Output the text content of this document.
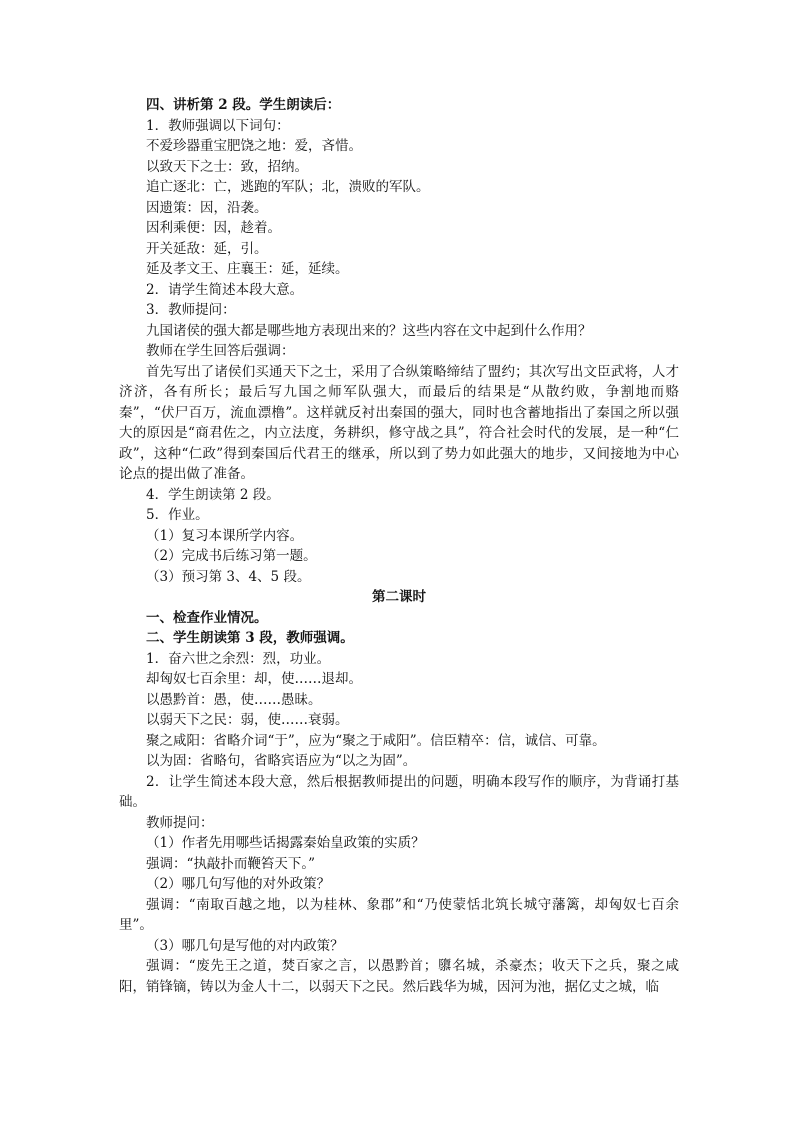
四、讲析第 2 段。学生朗读后：

1．教师强调以下词句：

不爱珍器重宝肥饶之地：爱，吝惜。

以致天下之士：致，招纳。

追亡逐北：亡，逃跑的军队；北，溃败的军队。

因遗策：因，沿袭。

因利乘便：因，趁着。

开关延敌：延，引。

延及孝文王、庄襄王：延，延续。

2．请学生简述本段大意。

3．教师提问：

九国诸侯的强大都是哪些地方表现出来的？这些内容在文中起到什么作用？

教师在学生回答后强调：

首先写出了诸侯们买通天下之士，采用了合纵策略缔结了盟约；其次写出文臣武将，人才济济，各有所长；最后写九国之师军队强大，而最后的结果是“从散约败，争割地而赂秦”，“伏尸百万，流血漂橹”。这样就反衬出秦国的强大，同时也含蓄地指出了秦国之所以强大的原因是“商君佐之，内立法度，务耕织，修守战之具”，符合社会时代的发展，是一种“仁政”，这种“仁政”得到秦国后代君王的继承，所以到了势力如此强大的地步，又间接地为中心论点的提出做了准备。

4．学生朗读第 2 段。

5．作业。

（1）复习本课所学内容。

（2）完成书后练习第一题。

（3）预习第 3、4、5 段。

第二课时

一、检查作业情况。

二、学生朗读第 3 段，教师强调。

1．奋六世之余烈：烈，功业。

却匈奴七百余里：却，使……退却。

以愚黔首：愚，使……愚昧。

以弱天下之民：弱，使……衰弱。

聚之咸阳：省略介词“于”，应为“聚之于咸阳”。信臣精卒：信，诚信、可靠。

以为固：省略句，省略宾语应为“以之为固”。

2．让学生简述本段大意，然后根据教师提出的问题，明确本段写作的顺序，为背诵打基础。

教师提问：

（1）作者先用哪些话揭露秦始皇政策的实质？

强调：“执敲扑而鞭笞天下。”

（2）哪几句写他的对外政策？

强调：“南取百越之地，以为桂林、象郡”和“乃使蒙恬北筑长城守藩篱，却匈奴七百余里”。

（3）哪几句是写他的对内政策？

强调：“废先王之道，焚百家之言，以愚黔首；隳名城，杀豪杰；收天下之兵，聚之咸阳，销锋镝，铸以为金人十二，以弱天下之民。然后践华为城，因河为池，据亿丈之城，临
